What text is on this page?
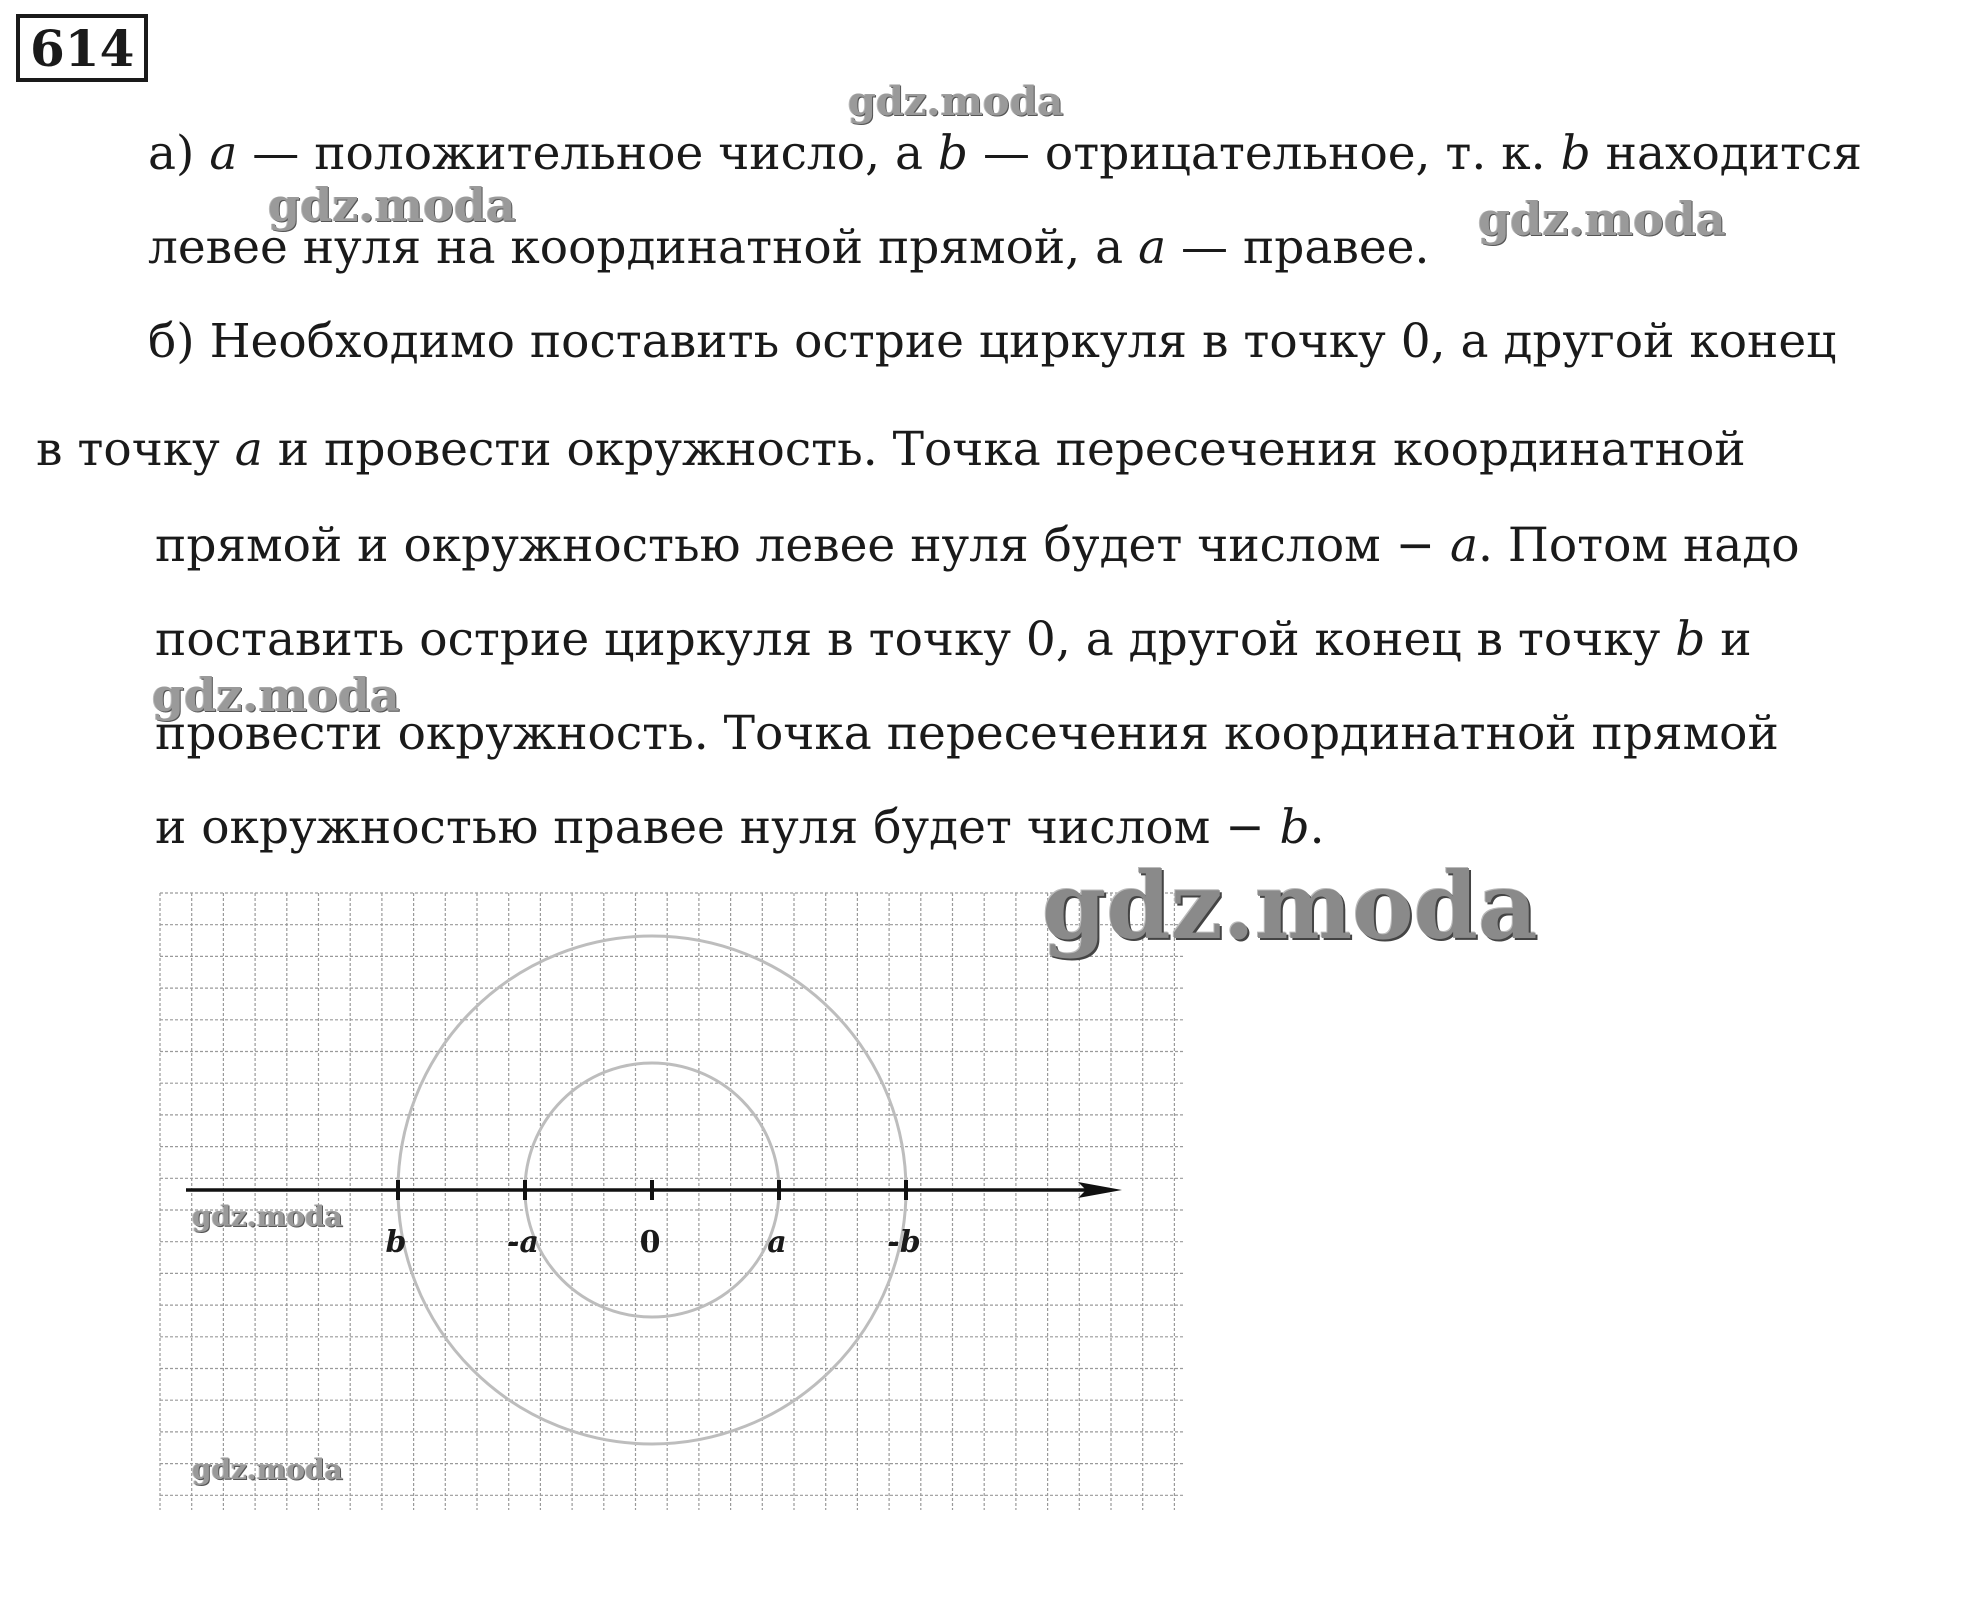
614
а) a — положительное число, а b — отрицательное, т. к. b находится
левее нуля на координатной прямой, а a — правее.
б) Необходимо поставить острие циркуля в точку 0, а другой конец
в точку a и провести окружность. Точка пересечения координатной
прямой и окружностью левее нуля будет числом − a. Потом надо
поставить острие циркуля в точку 0, а другой конец в точку b и
провести окружность. Точка пересечения координатной прямой
и окружностью правее нуля будет числом − b.
b	-a	0	a	-b
gdz.moda
gdz.moda	gdz.moda
gdz.moda
gdz.moda
gdz.moda
gdz.moda
